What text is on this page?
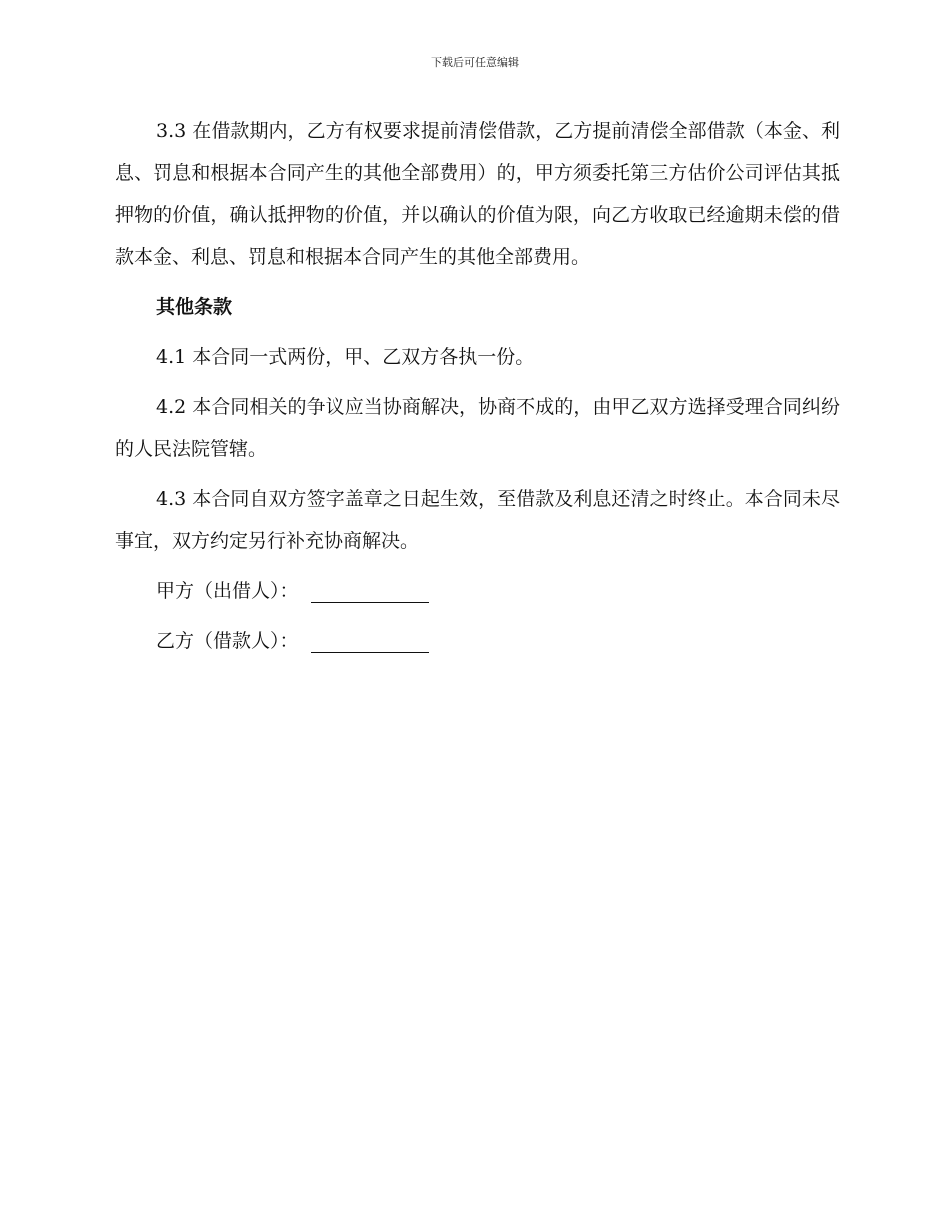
下载后可任意编辑

3.3 在借款期内，乙方有权要求提前清偿借款，乙方提前清偿全部借款（本金、利息、罚息和根据本合同产生的其他全部费用）的，甲方须委托第三方估价公司评估其抵押物的价值，确认抵押物的价值，并以确认的价值为限，向乙方收取已经逾期未偿的借款本金、利息、罚息和根据本合同产生的其他全部费用。

其他条款

4.1 本合同一式两份，甲、乙双方各执一份。

4.2 本合同相关的争议应当协商解决，协商不成的，由甲乙双方选择受理合同纠纷的人民法院管辖。

4.3 本合同自双方签字盖章之日起生效，至借款及利息还清之时终止。本合同未尽事宜，双方约定另行补充协商解决。

甲方（出借人）：
乙方（借款人）：
